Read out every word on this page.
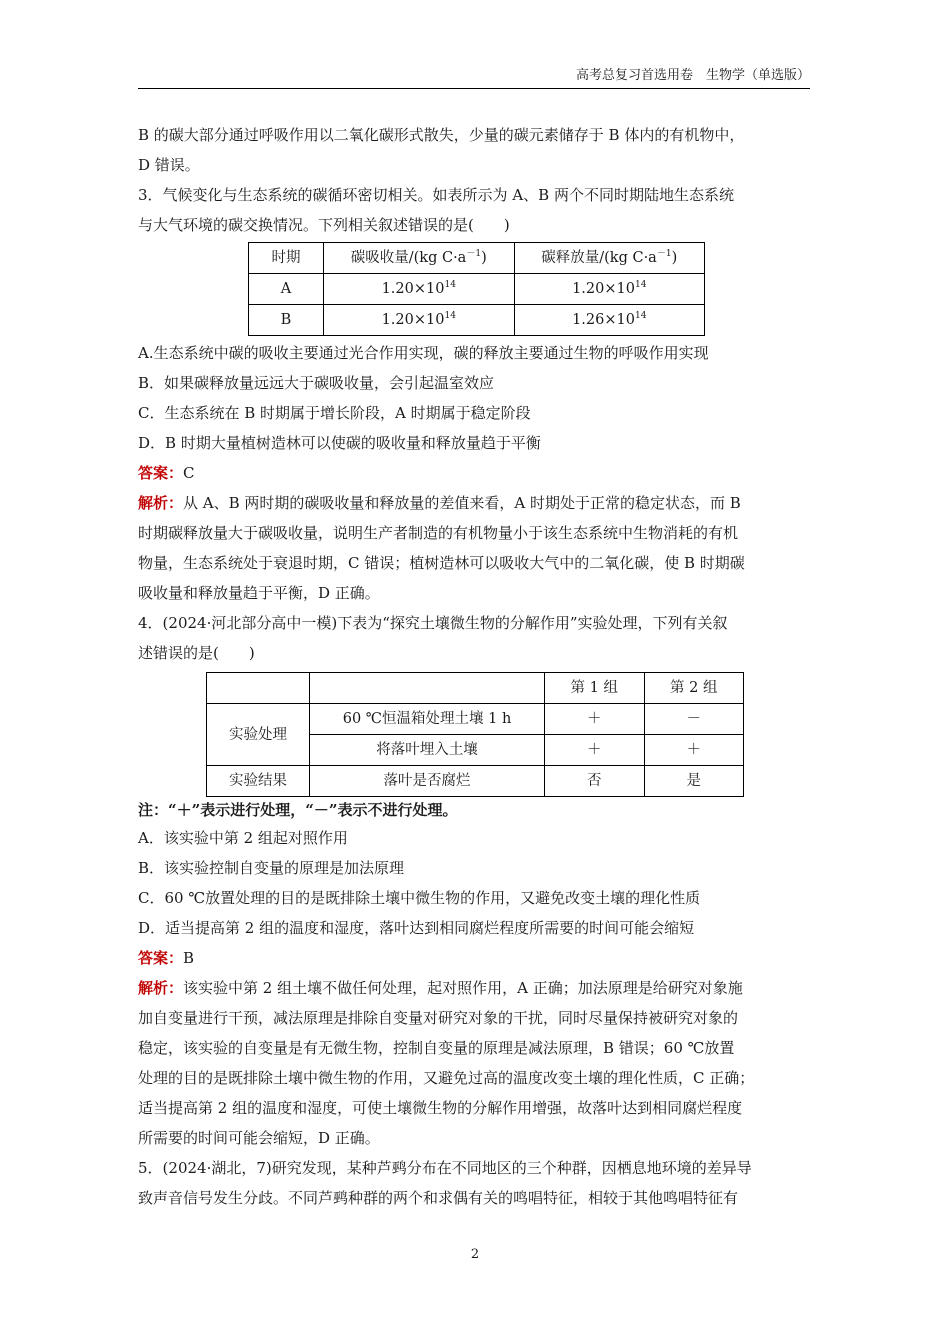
高考总复习首选用卷　生物学（单选版）

B 的碳大部分通过呼吸作用以二氧化碳形式散失，少量的碳元素储存于 B 体内的有机物中，

D 错误。

3．气候变化与生态系统的碳循环密切相关。如表所示为 A、B 两个不同时期陆地生态系统

与大气环境的碳交换情况。下列相关叙述错误的是(　　)

时期	碳吸收量/(kg $C\cdot a^{-1}$)	碳释放量/(kg $C\cdot a^{-1}$)
A	$1.20\times 10^{14}$	$1.20\times 10^{14}$
B	$1.20\times 10^{14}$	$1.26\times 10^{14}$

A.生态系统中碳的吸收主要通过光合作用实现，碳的释放主要通过生物的呼吸作用实现

B．如果碳释放量远远大于碳吸收量，会引起温室效应

C．生态系统在 B 时期属于增长阶段，A 时期属于稳定阶段

D．B 时期大量植树造林可以使碳的吸收量和释放量趋于平衡

答案：C

解析：从 A、B 两时期的碳吸收量和释放量的差值来看，A 时期处于正常的稳定状态，而 B

时期碳释放量大于碳吸收量，说明生产者制造的有机物量小于该生态系统中生物消耗的有机

物量，生态系统处于衰退时期，C 错误；植树造林可以吸收大气中的二氧化碳，使 B 时期碳

吸收量和释放量趋于平衡，D 正确。

4．(2024·河北部分高中一模)下表为“探究土壤微生物的分解作用”实验处理，下列有关叙

述错误的是(　　)

		第 1 组	第 2 组
实验处理	60 ℃恒温箱处理土壤 1 h	＋	－
	将落叶埋入土壤	＋	＋
实验结果	落叶是否腐烂	否	是

注：“＋”表示进行处理，“－”表示不进行处理。

A．该实验中第 2 组起对照作用

B．该实验控制自变量的原理是加法原理

C．60 ℃放置处理的目的是既排除土壤中微生物的作用，又避免改变土壤的理化性质

D．适当提高第 2 组的温度和湿度，落叶达到相同腐烂程度所需要的时间可能会缩短

答案：B

解析：该实验中第 2 组土壤不做任何处理，起对照作用，A 正确；加法原理是给研究对象施

加自变量进行干预，减法原理是排除自变量对研究对象的干扰，同时尽量保持被研究对象的

稳定，该实验的自变量是有无微生物，控制自变量的原理是减法原理，B 错误；60 ℃放置

处理的目的是既排除土壤中微生物的作用，又避免过高的温度改变土壤的理化性质，C 正确；

适当提高第 2 组的温度和湿度，可使土壤微生物的分解作用增强，故落叶达到相同腐烂程度

所需要的时间可能会缩短，D 正确。

5．(2024·湖北，7)研究发现，某种芦鹀分布在不同地区的三个种群，因栖息地环境的差异导

致声音信号发生分歧。不同芦鹀种群的两个和求偶有关的鸣唱特征，相较于其他鸣唱特征有

2
